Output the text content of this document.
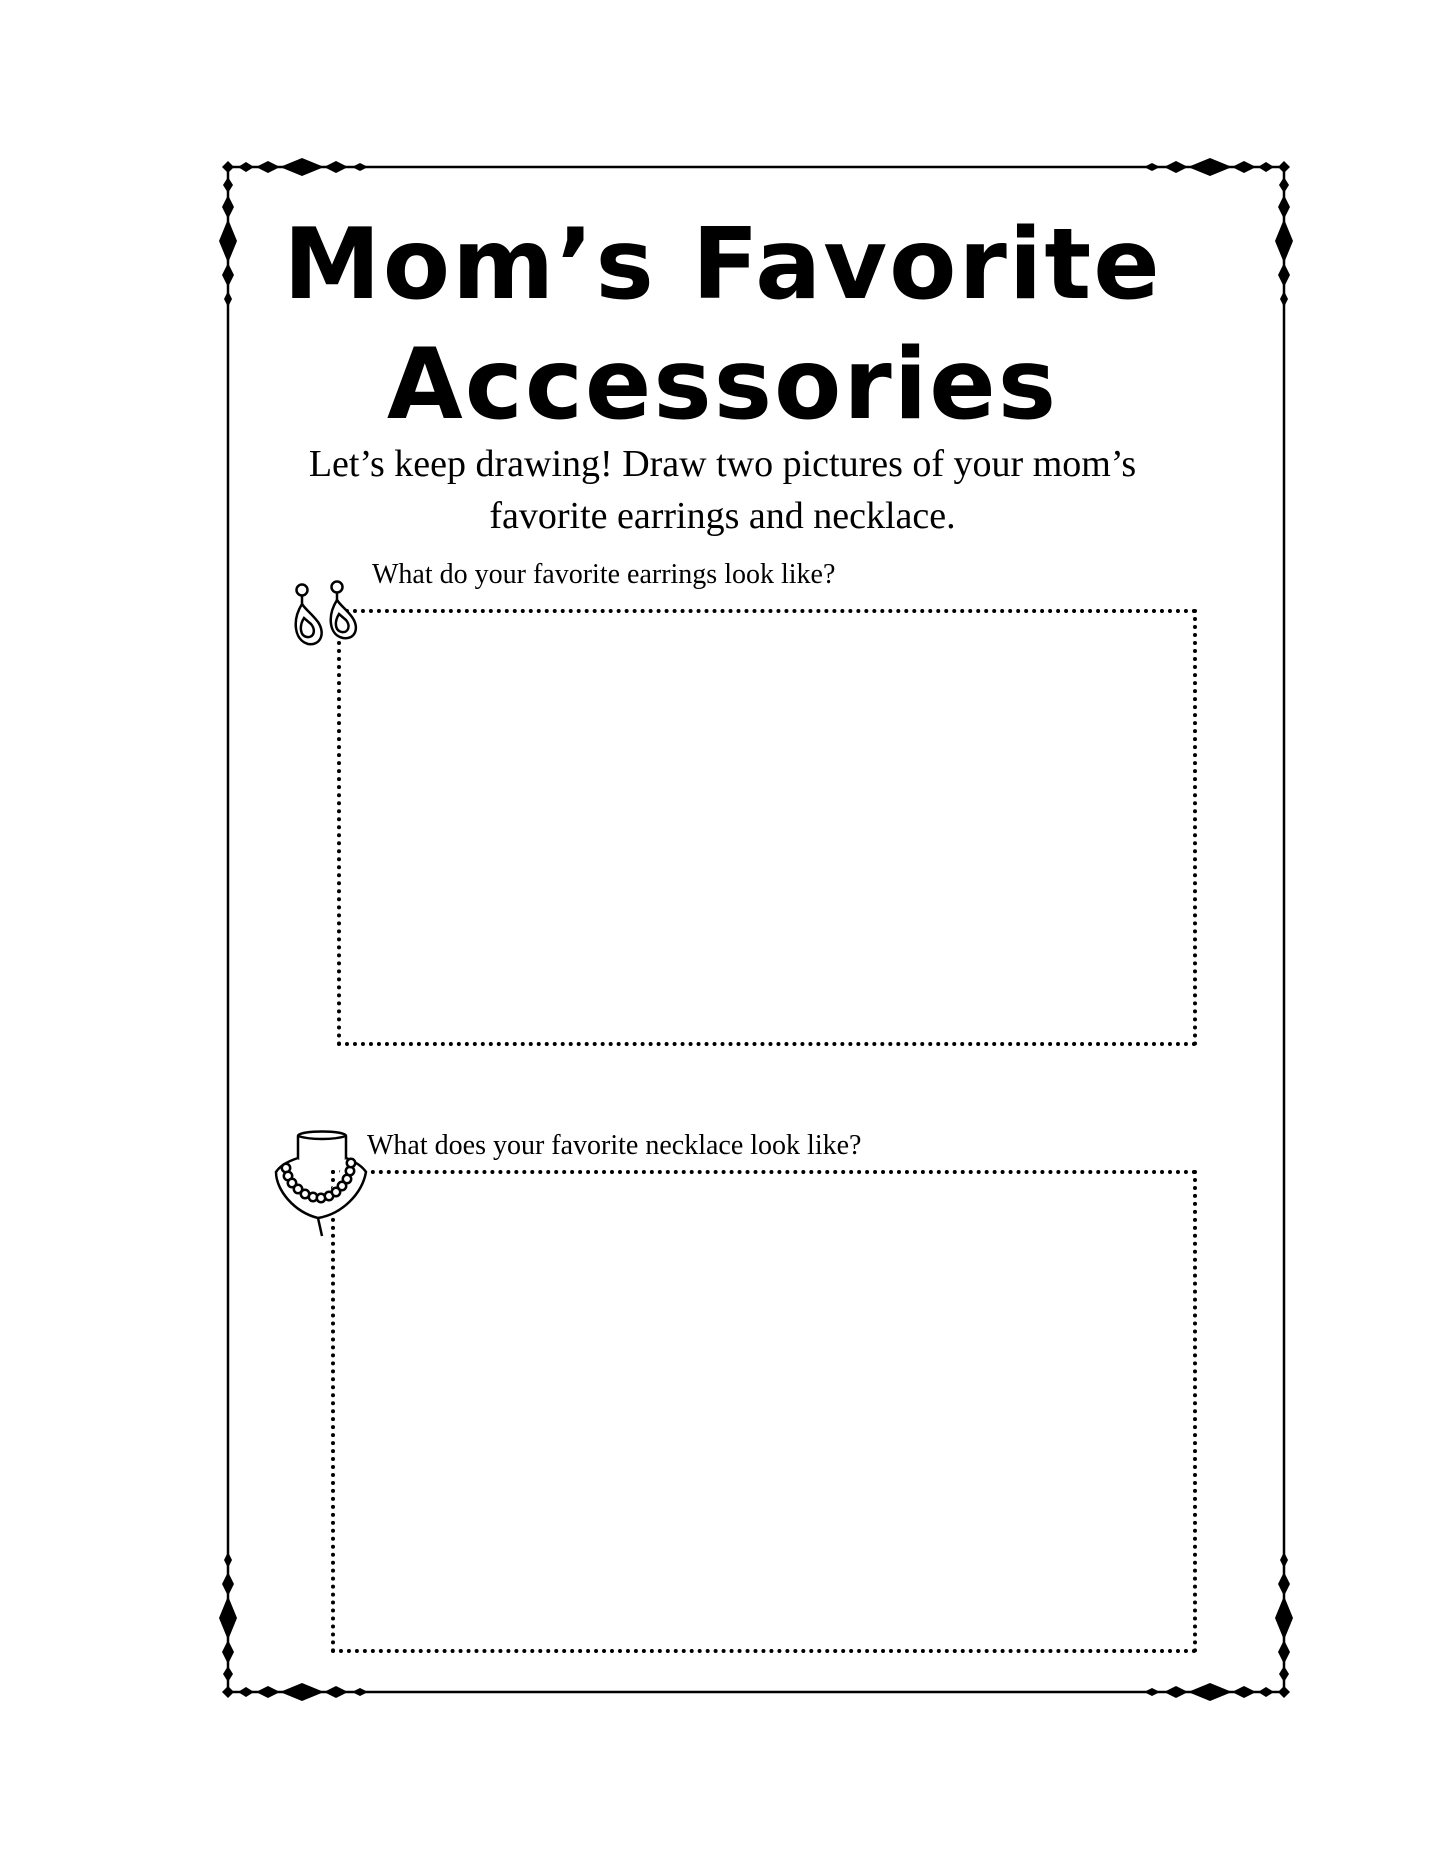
Mom’s Favorite
Accessories
Let’s keep drawing! Draw two pictures of your mom’s
favorite earrings and necklace.
What do your favorite earrings look like?
What does your favorite necklace look like?
